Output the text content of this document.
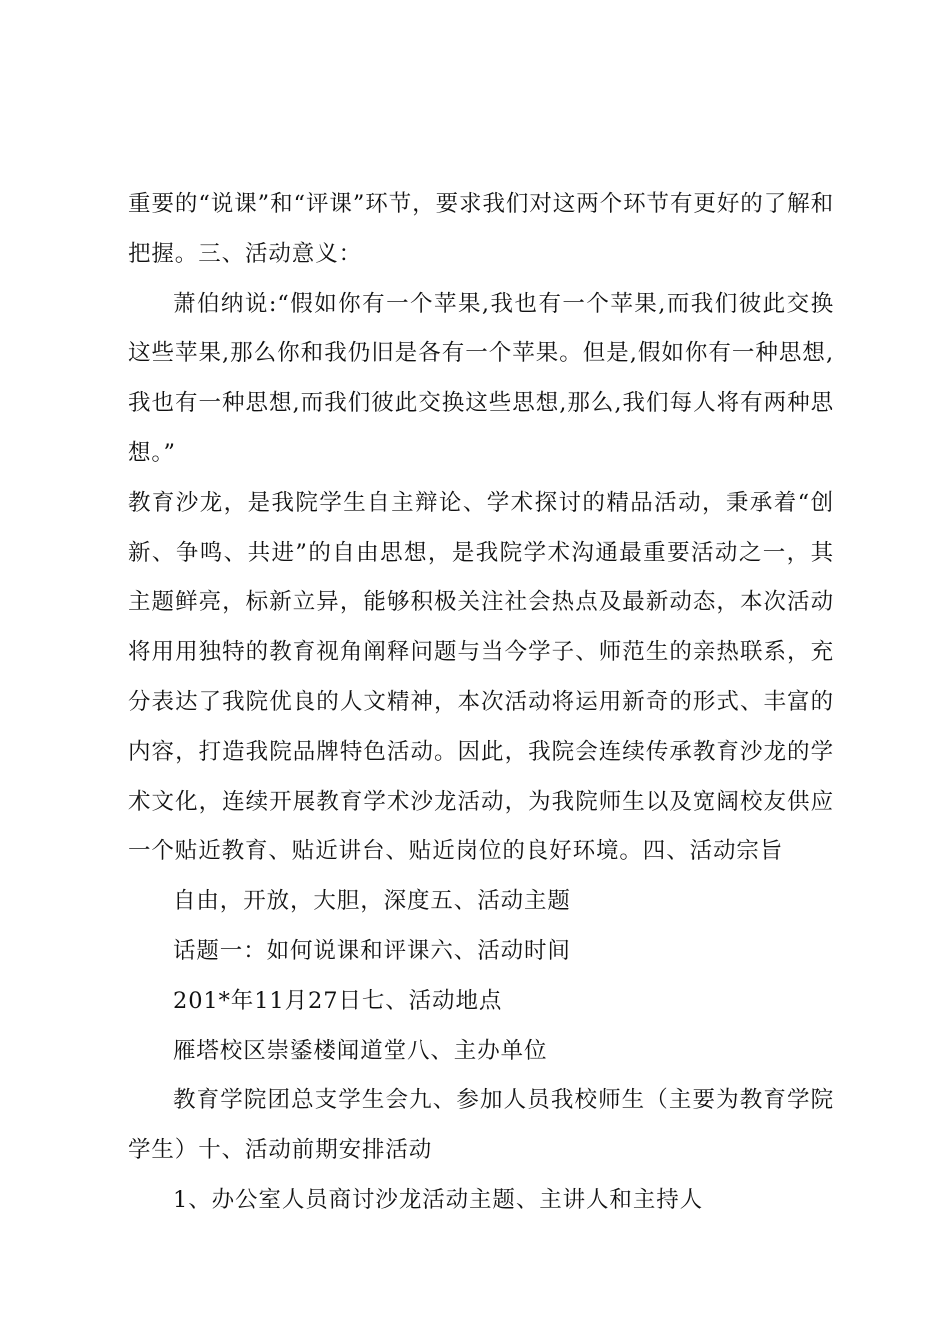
重要的“说课”和“评课”环节，要求我们对这两个环节有更好的了解和把握。三、活动意义：

萧伯纳说:“假如你有一个苹果,我也有一个苹果,而我们彼此交换这些苹果,那么你和我仍旧是各有一个苹果。但是,假如你有一种思想,我也有一种思想,而我们彼此交换这些思想,那么,我们每人将有两种思想。”

教育沙龙，是我院学生自主辩论、学术探讨的精品活动，秉承着“创新、争鸣、共进”的自由思想，是我院学术沟通最重要活动之一，其主题鲜亮，标新立异，能够积极关注社会热点及最新动态，本次活动将用用独特的教育视角阐释问题与当今学子、师范生的亲热联系，充分表达了我院优良的人文精神，本次活动将运用新奇的形式、丰富的内容，打造我院品牌特色活动。因此，我院会连续传承教育沙龙的学术文化，连续开展教育学术沙龙活动，为我院师生以及宽阔校友供应一个贴近教育、贴近讲台、贴近岗位的良好环境。四、活动宗旨

自由，开放，大胆，深度五、活动主题

话题一：如何说课和评课六、活动时间

201*年11月27日七、活动地点

雁塔校区崇鋈楼闻道堂八、主办单位

教育学院团总支学生会九、参加人员我校师生（主要为教育学院学生）十、活动前期安排活动

1、办公室人员商讨沙龙活动主题、主讲人和主持人
